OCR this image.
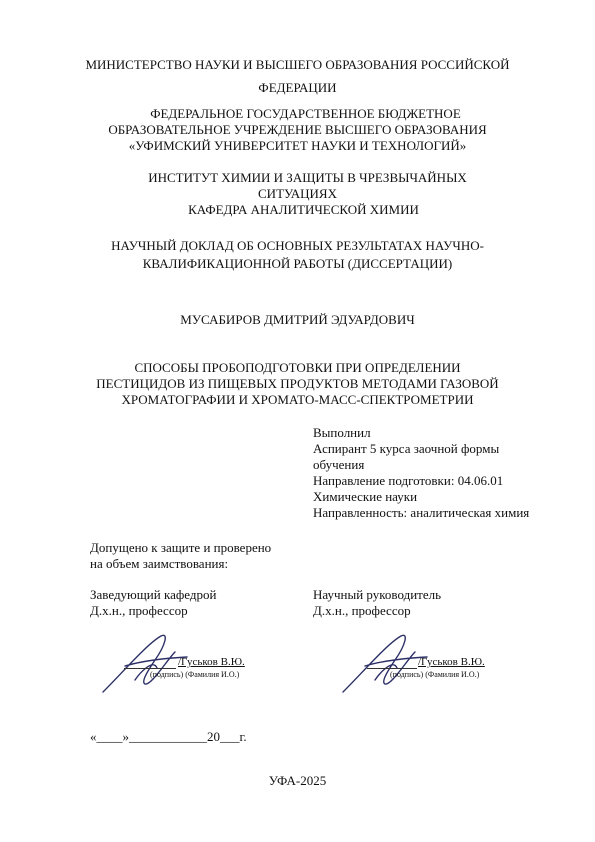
МИНИСТЕРСТВО НАУКИ И ВЫСШЕГО ОБРАЗОВАНИЯ РОССИЙСКОЙ
ФЕДЕРАЦИИ
ФЕДЕРАЛЬНОЕ ГОСУДАРСТВЕННОЕ БЮДЖЕТНОЕ
ОБРАЗОВАТЕЛЬНОЕ УЧРЕЖДЕНИЕ ВЫСШЕГО ОБРАЗОВАНИЯ
«УФИМСКИЙ УНИВЕРСИТЕТ НАУКИ И ТЕХНОЛОГИЙ»
ИНСТИТУТ ХИМИИ И ЗАЩИТЫ В ЧРЕЗВЫЧАЙНЫХ
СИТУАЦИЯХ
КАФЕДРА АНАЛИТИЧЕСКОЙ ХИМИИ
НАУЧНЫЙ ДОКЛАД ОБ ОСНОВНЫХ РЕЗУЛЬТАТАХ НАУЧНО-
КВАЛИФИКАЦИОННОЙ РАБОТЫ (ДИССЕРТАЦИИ)
МУСАБИРОВ ДМИТРИЙ ЭДУАРДОВИЧ
СПОСОБЫ ПРОБОПОДГОТОВКИ ПРИ ОПРЕДЕЛЕНИИ
ПЕСТИЦИДОВ ИЗ ПИЩЕВЫХ ПРОДУКТОВ МЕТОДАМИ ГАЗОВОЙ
ХРОМАТОГРАФИИ И ХРОМАТО-МАСС-СПЕКТРОМЕТРИИ
Выполнил
Аспирант 5 курса заочной формы
обучения
Направление подготовки: 04.06.01
Химические науки
Направленность: аналитическая химия
Допущено к защите и проверено
на объем заимствования:
Заведующий кафедрой
Д.х.н., профессор
/Гуськов В.Ю.
(подпись) (Фамилия И.О.)
Научный руководитель
Д.х.н., профессор
/Гуськов В.Ю.
(подпись) (Фамилия И.О.)
«____»____________20___г.
УФА-2025
